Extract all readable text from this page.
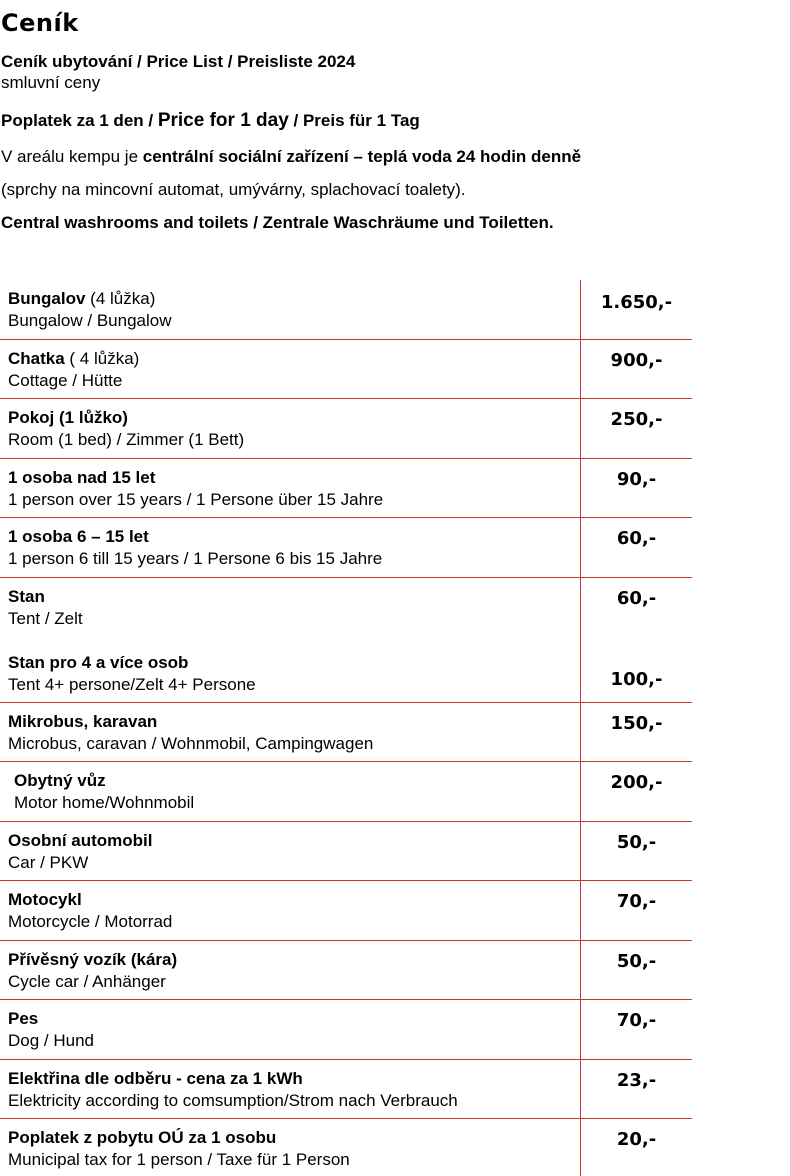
Ceník
Ceník ubytování / Price List / Preisliste 2024
smluvní ceny
Poplatek za 1 den / Price for 1 day / Preis für 1 Tag
V areálu kempu je centrální sociální zařízení – teplá voda 24 hodin denně
(sprchy na mincovní automat, umývárny, splachovací toalety).
Central washrooms and toilets / Zentrale Waschräume und Toiletten.
Bungalov (4 lůžka)
Bungalow / Bungalow
1.650,-
Chatka ( 4 lůžka)
Cottage / Hütte
900,-
Pokoj (1 lůžko)
Room (1 bed) / Zimmer (1 Bett)
250,-
1 osoba nad 15 let
1 person over 15 years / 1 Persone über 15 Jahre
90,-
1 osoba 6 – 15 let
1 person 6 till 15 years / 1 Persone 6 bis 15 Jahre
60,-
Stan
Tent / Zelt
60,-
Stan pro 4 a více osob
Tent 4+ persone/Zelt 4+ Persone	100,-
Mikrobus, karavan
Microbus, caravan / Wohnmobil, Campingwagen
150,-
Obytný vůz
Motor home/Wohnmobil
200,-
Osobní automobil
Car / PKW
50,-
Motocykl
Motorcycle / Motorrad
70,-
Přívěsný vozík (kára)
Cycle car / Anhänger
50,-
Pes
Dog / Hund
70,-
Elektřina dle odběru - cena za 1 kWh
Elektricity according to comsumption/Strom nach Verbrauch
23,-
Poplatek z pobytu OÚ za 1 osobu
Municipal tax for 1 person / Taxe für 1 Person
20,-
